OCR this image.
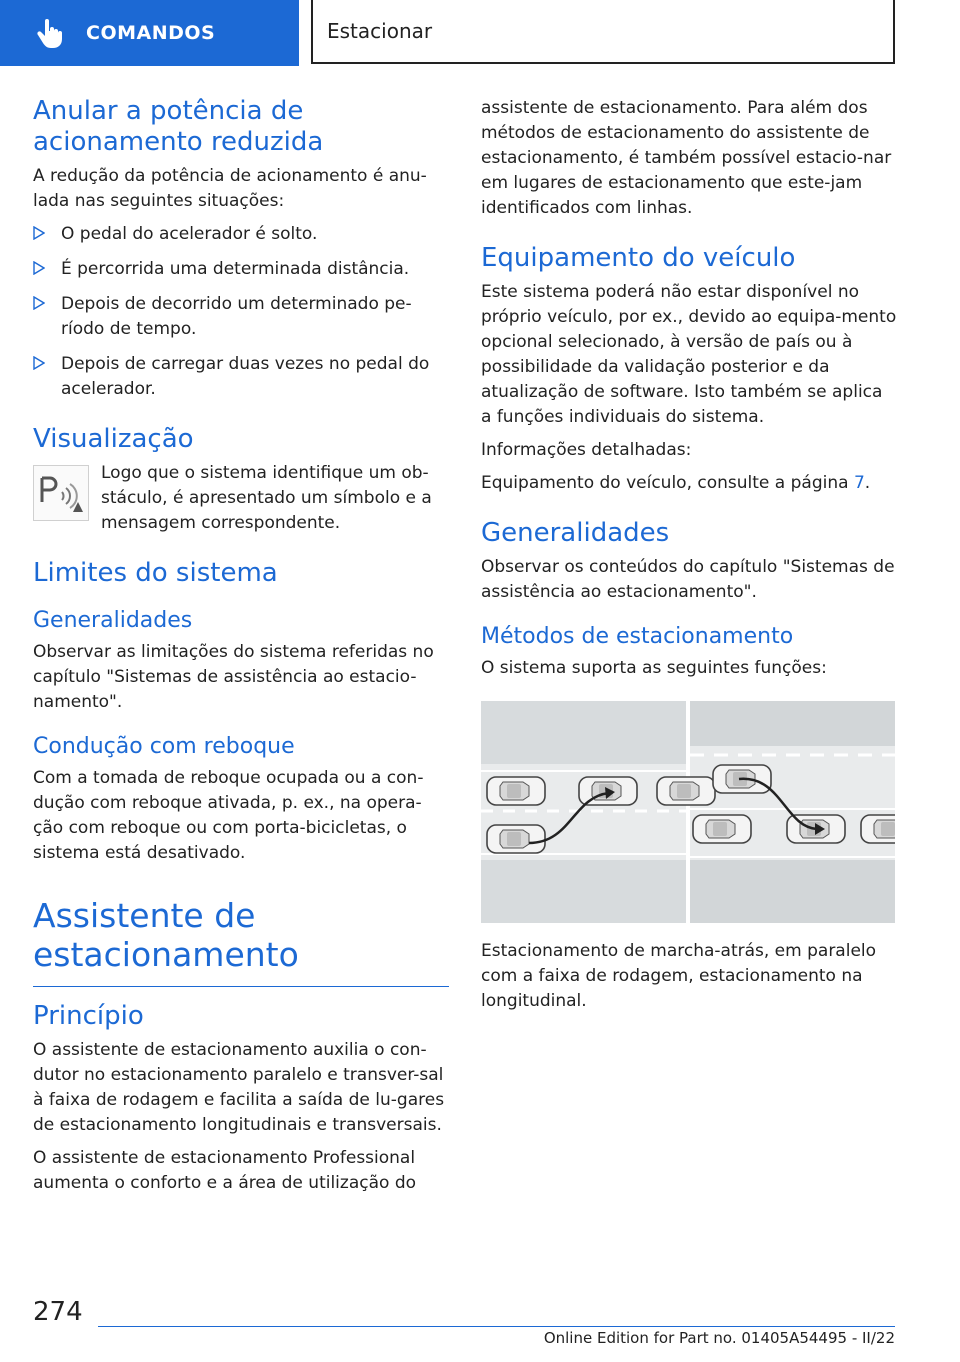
COMANDOS	Estacionar
Anular a potência de acionamento reduzida

A redução da potência de acionamento é anu-lada nas seguintes situações:

O pedal do acelerador é solto.
É percorrida uma determinada distância.
Depois de decorrido um determinado pe-ríodo de tempo.
Depois de carregar duas vezes no pedal do acelerador.
Visualização

Logo que o sistema identifique um ob-stáculo, é apresentado um símbolo e a mensagem correspondente.

Limites do sistema
Generalidades

Observar as limitações do sistema referidas no capítulo "Sistemas de assistência ao estacio-namento".

Condução com reboque

Com a tomada de reboque ocupada ou a con-dução com reboque ativada, p. ex., na opera-ção com reboque ou com porta-bicicletas, o sistema está desativado.

Assistente de estacionamento
Princípio

O assistente de estacionamento auxilia o con-dutor no estacionamento paralelo e transver-sal à faixa de rodagem e facilita a saída de lu-gares de estacionamento longitudinais e transversais.

O assistente de estacionamento Professional aumenta o conforto e a área de utilização do

assistente de estacionamento. Para além dos métodos de estacionamento do assistente de estacionamento, é também possível estacio-nar em lugares de estacionamento que este-jam identificados com linhas.

Equipamento do veículo

Este sistema poderá não estar disponível no próprio veículo, por ex., devido ao equipa-mento opcional selecionado, à versão de país ou à possibilidade da validação posterior e da atualização de software. Isto também se aplica a funções individuais do sistema.

Informações detalhadas:

Equipamento do veículo, consulte a página 7.

Generalidades

Observar os conteúdos do capítulo "Sistemas de assistência ao estacionamento".

Métodos de estacionamento

O sistema suporta as seguintes funções:

Estacionamento de marcha-atrás, em paralelo com a faixa de rodagem, estacionamento na longitudinal.

274
Online Edition for Part no. 01405A54495 - II/22
